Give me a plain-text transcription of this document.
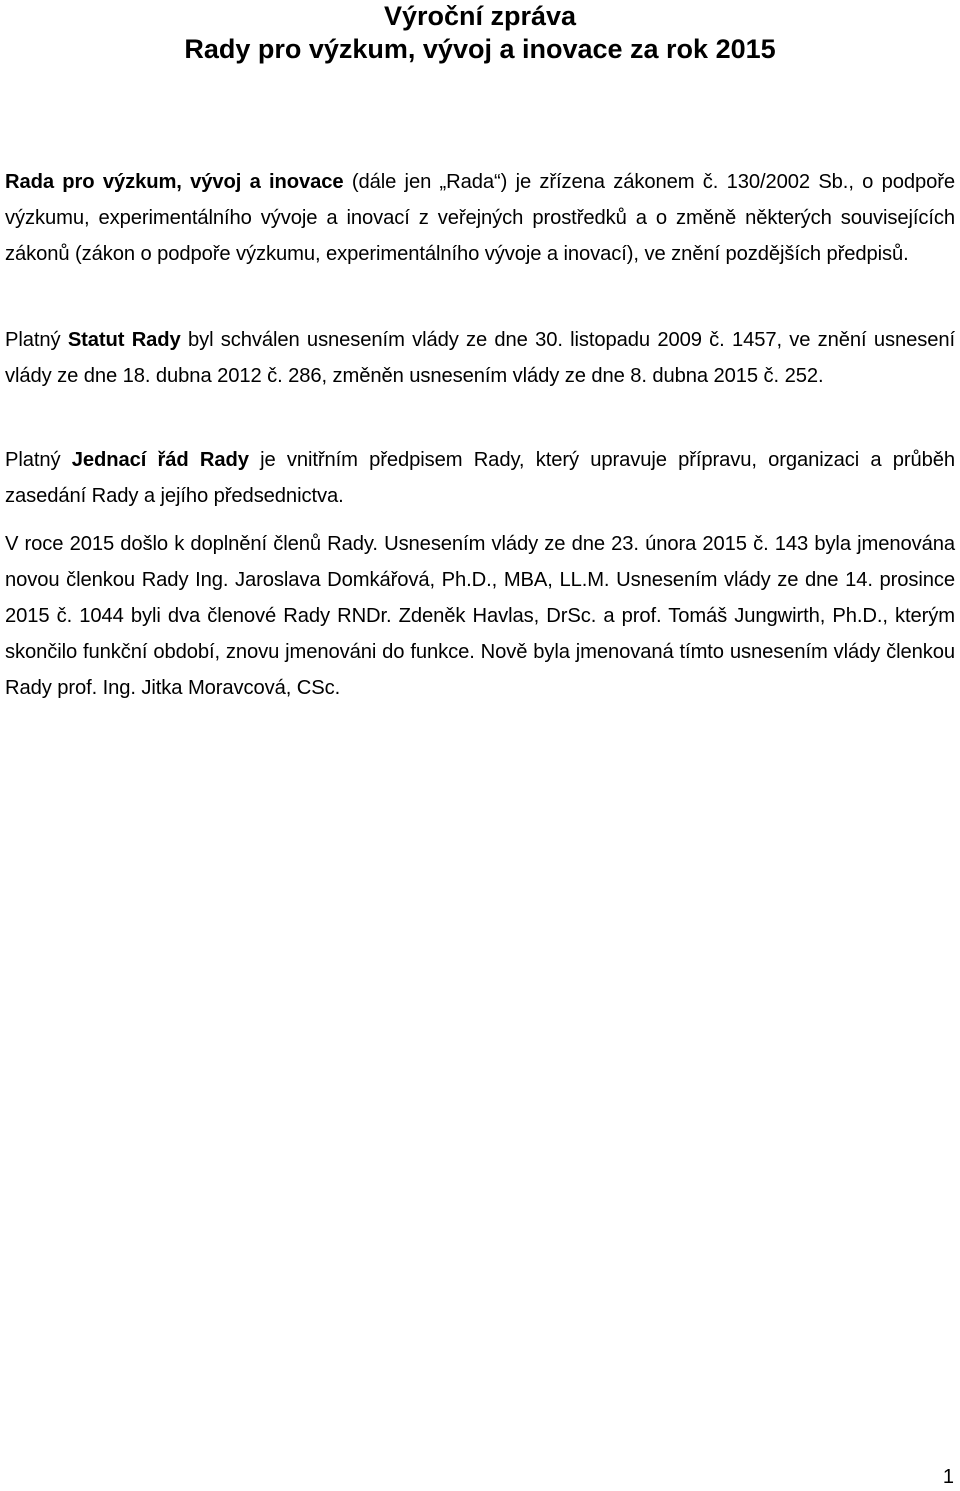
Výroční zpráva
Rady pro výzkum, vývoj a inovace za rok 2015

Rada pro výzkum, vývoj a inovace (dále jen „Rada“) je zřízena zákonem č. 130/2002 Sb., o podpoře výzkumu, experimentálního vývoje a inovací z veřejných prostředků a o změně některých souvisejících zákonů (zákon o podpoře výzkumu, experimentálního vývoje a inovací), ve znění pozdějších předpisů.

Platný Statut Rady byl schválen usnesením vlády ze dne 30. listopadu 2009 č. 1457, ve znění usnesení vlády ze dne 18. dubna 2012 č. 286, změněn usnesením vlády ze dne 8. dubna 2015 č. 252.

Platný Jednací řád Rady je vnitřním předpisem Rady, který upravuje přípravu, organizaci a průběh zasedání Rady a jejího předsednictva.

V roce 2015 došlo k doplnění členů Rady. Usnesením vlády ze dne 23. února 2015 č. 143 byla jmenována novou členkou Rady Ing. Jaroslava Domkářová, Ph.D., MBA, LL.M. Usnesením vlády ze dne 14. prosince 2015 č. 1044 byli dva členové Rady RNDr. Zdeněk Havlas, DrSc. a prof. Tomáš Jungwirth, Ph.D., kterým skončilo funkční období, znovu jmenováni do funkce. Nově byla jmenovaná tímto usnesením vlády členkou Rady prof. Ing. Jitka Moravcová, CSc.

1
